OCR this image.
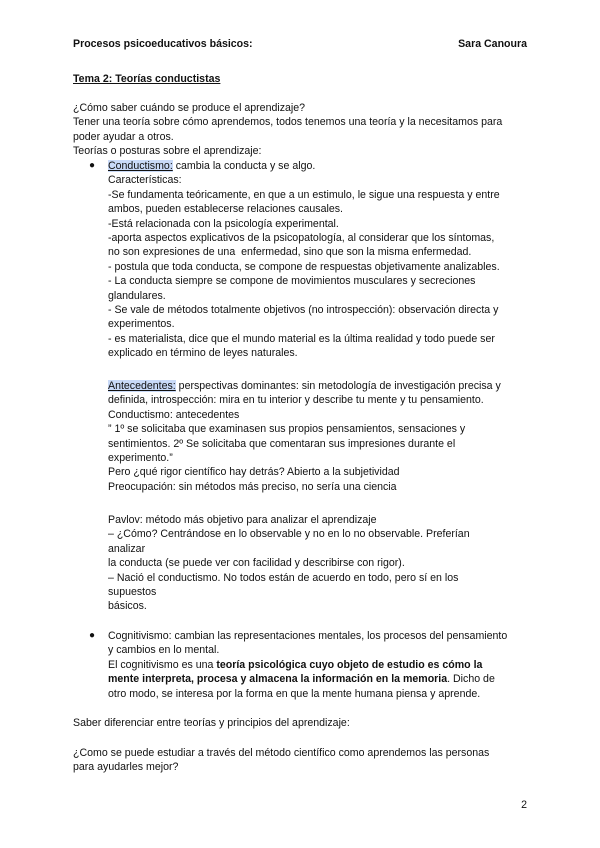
Procesos psicoeducativos básicos:	Sara Canoura
Tema 2: Teorías conductistas
¿Cómo saber cuándo se produce el aprendizaje?
Tener una teoría sobre cómo aprendemos, todos tenemos una teoría y la necesitamos para
poder ayudar a otros.
Teorías o posturas sobre el aprendizaje:
● Conductismo: cambia la conducta y se algo.
Características:
-Se fundamenta teóricamente, en que a un estimulo, le sigue una respuesta y entre
ambos, pueden establecerse relaciones causales.
-Está relacionada con la psicología experimental.
-aporta aspectos explicativos de la psicopatología, al considerar que los síntomas,
no son expresiones de una  enfermedad, sino que son la misma enfermedad.
- postula que toda conducta, se compone de respuestas objetivamente analizables.
- La conducta siempre se compone de movimientos musculares y secreciones
glandulares.
- Se vale de métodos totalmente objetivos (no introspección): observación directa y
experimentos.
- es materialista, dice que el mundo material es la última realidad y todo puede ser
explicado en término de leyes naturales.
Antecedentes: perspectivas dominantes: sin metodología de investigación precisa y
definida, introspección: mira en tu interior y describe tu mente y tu pensamiento.
Conductismo: antecedentes
” 1º se solicitaba que examinasen sus propios pensamientos, sensaciones y
sentimientos. 2º Se solicitaba que comentaran sus impresiones durante el
experimento.”
Pero ¿qué rigor científico hay detrás? Abierto a la subjetividad
Preocupación: sin métodos más preciso, no sería una ciencia
Pavlov: método más objetivo para analizar el aprendizaje
– ¿Cómo? Centrándose en lo observable y no en lo no observable. Preferían
analizar
la conducta (se puede ver con facilidad y describirse con rigor).
– Nació el conductismo. No todos están de acuerdo en todo, pero sí en los
supuestos
básicos.
● Cognitivismo: cambian las representaciones mentales, los procesos del pensamiento
y cambios en lo mental.
El cognitivismo es una teoría psicológica cuyo objeto de estudio es cómo la
mente interpreta, procesa y almacena la información en la memoria. Dicho de
otro modo, se interesa por la forma en que la mente humana piensa y aprende.
Saber diferenciar entre teorías y principios del aprendizaje:
¿Como se puede estudiar a través del método científico como aprendemos las personas
para ayudarles mejor?
2
